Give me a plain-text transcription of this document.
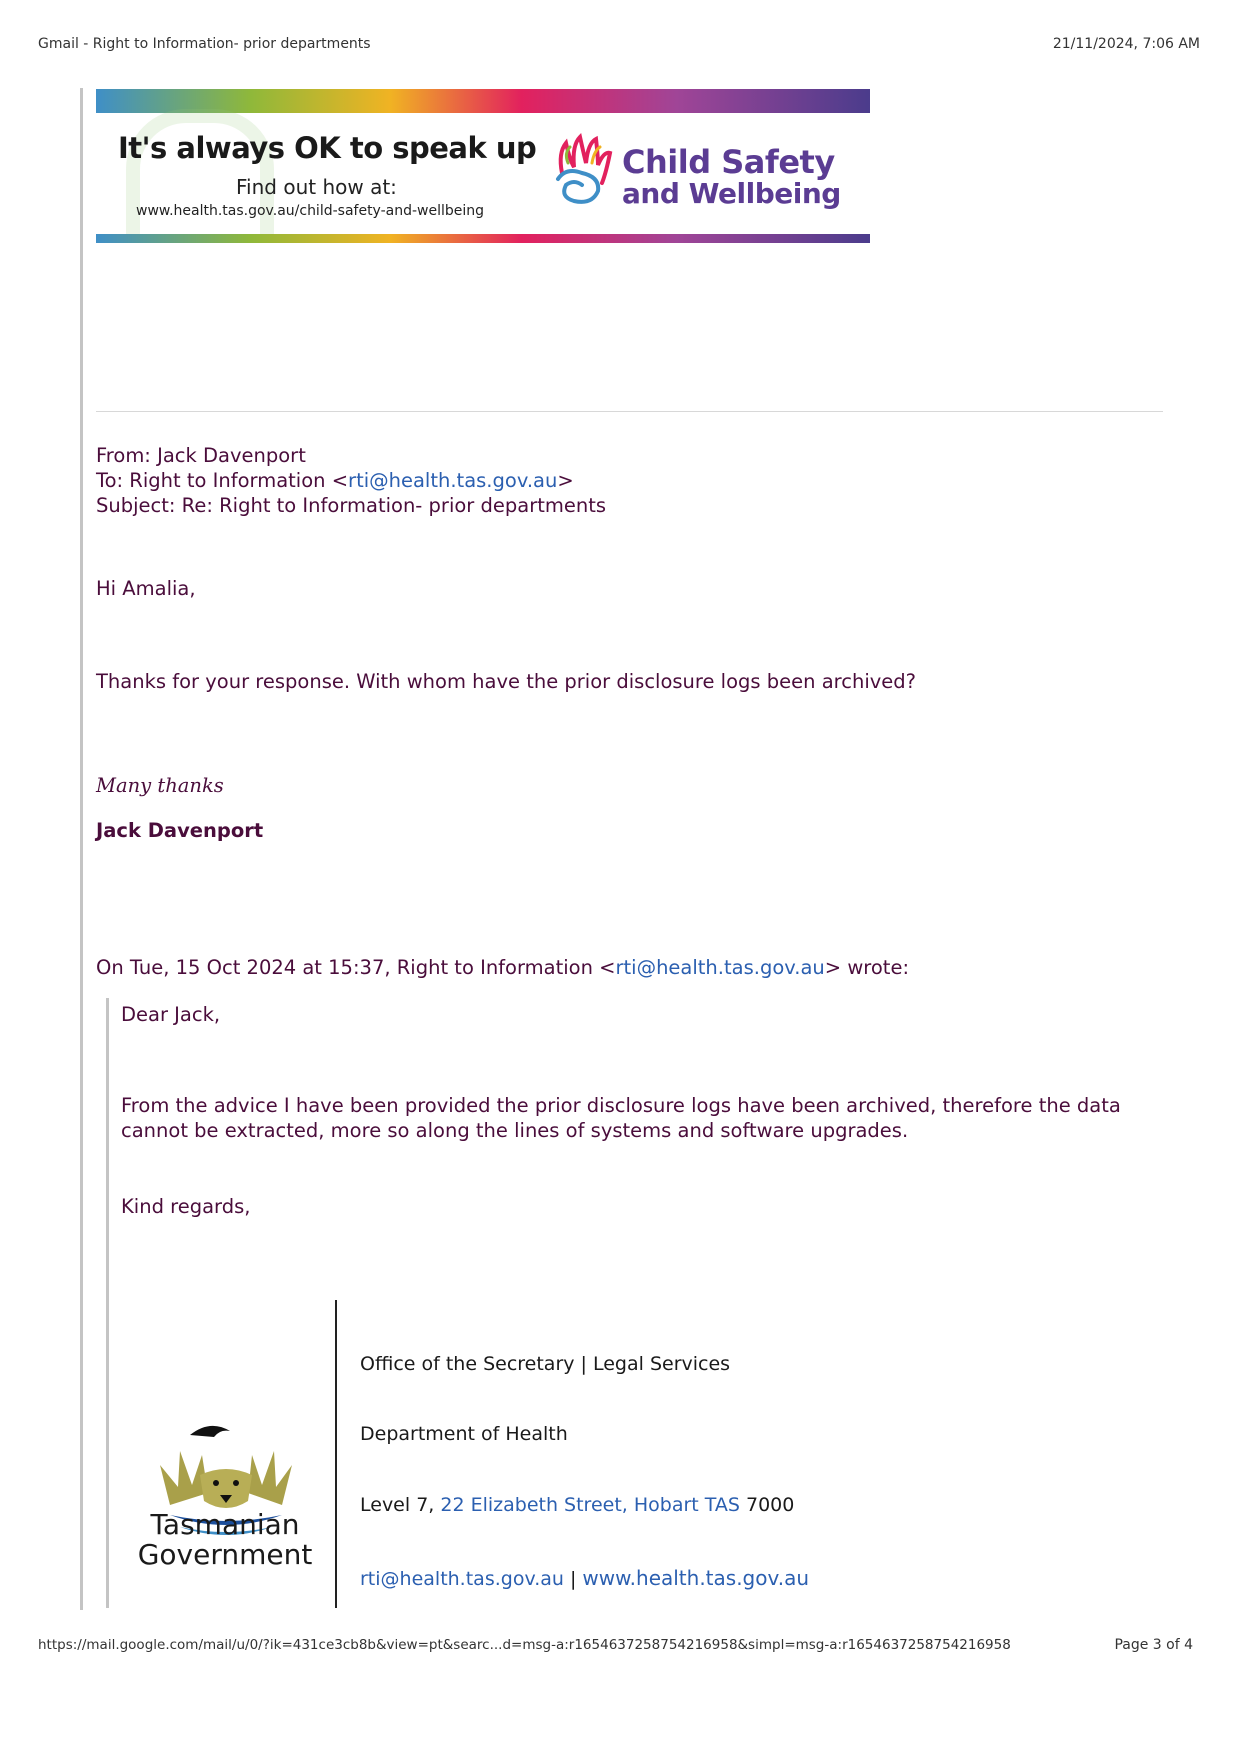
Gmail - Right to Information- prior departments	21/11/2024, 7:06 AM
It's always OK to speak up
Find out how at:
www.health.tas.gov.au/child-safety-and-wellbeing
Child Safety
and Wellbeing
From: Jack Davenport
To: Right to Information <rti@health.tas.gov.au>
Subject: Re: Right to Information- prior departments
Hi Amalia,
Thanks for your response. With whom have the prior disclosure logs been archived?
Many thanks
Jack Davenport
On Tue, 15 Oct 2024 at 15:37, Right to Information <rti@health.tas.gov.au> wrote:
Dear Jack,
From the advice I have been provided the prior disclosure logs have been archived, therefore the data
cannot be extracted, more so along the lines of systems and software upgrades.
Kind regards,
Tasmanian
Government
Office of the Secretary | Legal Services
Department of Health
Level 7, 22 Elizabeth Street, Hobart TAS 7000
rti@health.tas.gov.au | www.health.tas.gov.au
https://mail.google.com/mail/u/0/?ik=431ce3cb8b&view=pt&searc...d=msg-a:r1654637258754216958&simpl=msg-a:r1654637258754216958	Page 3 of 4
